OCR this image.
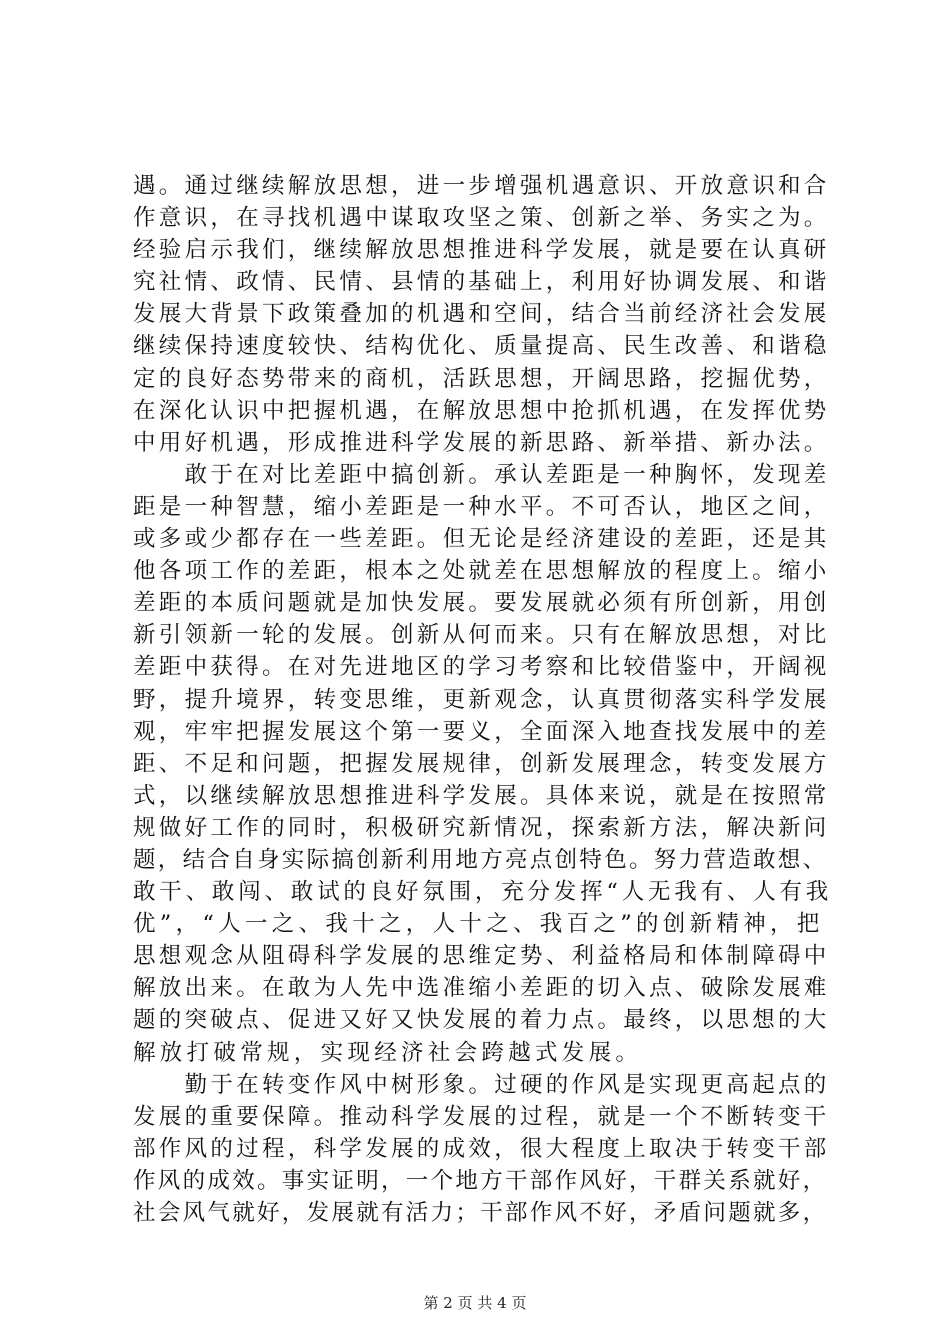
遇。通过继续解放思想，进一步增强机遇意识、开放意识和合
作意识，在寻找机遇中谋取攻坚之策、创新之举、务实之为。
经验启示我们，继续解放思想推进科学发展，就是要在认真研
究社情、政情、民情、县情的基础上，利用好协调发展、和谐
发展大背景下政策叠加的机遇和空间，结合当前经济社会发展
继续保持速度较快、结构优化、质量提高、民生改善、和谐稳
定的良好态势带来的商机，活跃思想，开阔思路，挖掘优势，
在深化认识中把握机遇，在解放思想中抢抓机遇，在发挥优势
中用好机遇，形成推进科学发展的新思路、新举措、新办法。
　　敢于在对比差距中搞创新。承认差距是一种胸怀，发现差
距是一种智慧，缩小差距是一种水平。不可否认，地区之间，
或多或少都存在一些差距。但无论是经济建设的差距，还是其
他各项工作的差距，根本之处就差在思想解放的程度上。缩小
差距的本质问题就是加快发展。要发展就必须有所创新，用创
新引领新一轮的发展。创新从何而来。只有在解放思想，对比
差距中获得。在对先进地区的学习考察和比较借鉴中，开阔视
野，提升境界，转变思维，更新观念，认真贯彻落实科学发展
观，牢牢把握发展这个第一要义，全面深入地查找发展中的差
距、不足和问题，把握发展规律，创新发展理念，转变发展方
式，以继续解放思想推进科学发展。具体来说，就是在按照常
规做好工作的同时，积极研究新情况，探索新方法，解决新问
题，结合自身实际搞创新利用地方亮点创特色。努力营造敢想、
敢干、敢闯、敢试的良好氛围，充分发挥“人无我有、人有我
优”，“人一之、我十之，人十之、我百之”的创新精神，把
思想观念从阻碍科学发展的思维定势、利益格局和体制障碍中
解放出来。在敢为人先中选准缩小差距的切入点、破除发展难
题的突破点、促进又好又快发展的着力点。最终，以思想的大
解放打破常规，实现经济社会跨越式发展。
　　勤于在转变作风中树形象。过硬的作风是实现更高起点的
发展的重要保障。推动科学发展的过程，就是一个不断转变干
部作风的过程，科学发展的成效，很大程度上取决于转变干部
作风的成效。事实证明，一个地方干部作风好，干群关系就好，
社会风气就好，发展就有活力；干部作风不好，矛盾问题就多，
第 2 页 共 4 页
